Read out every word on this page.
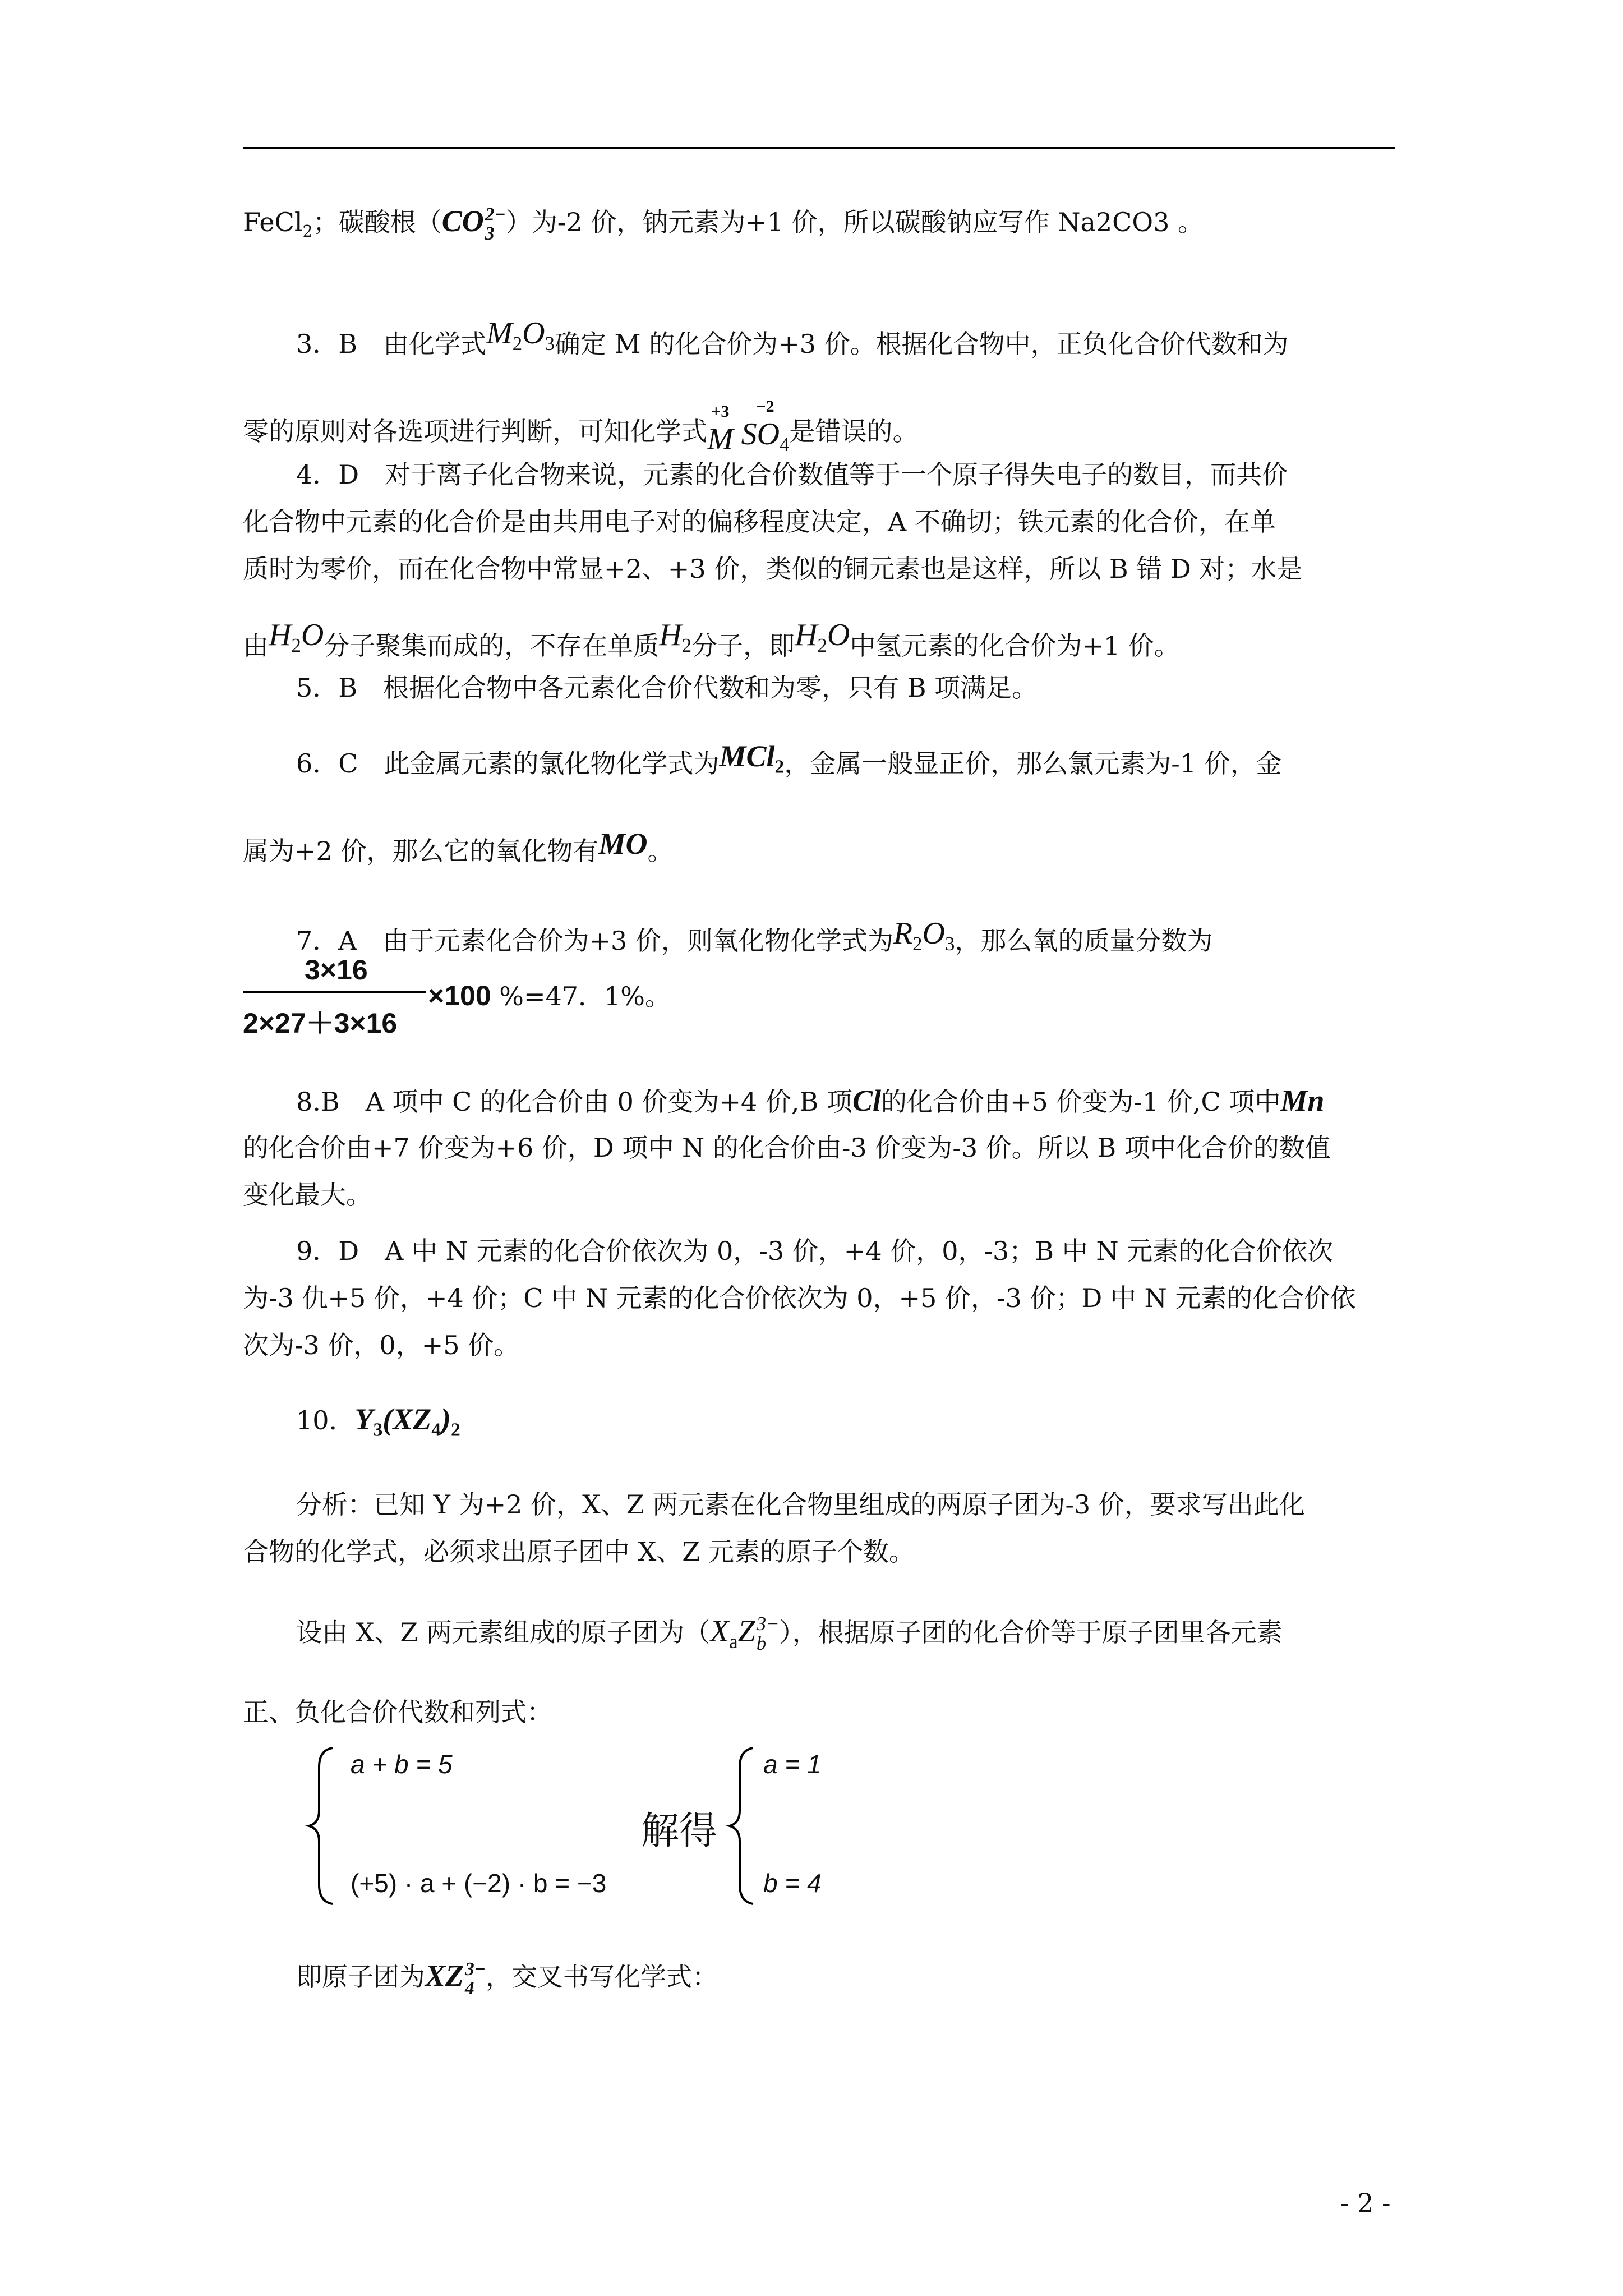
FeCl$_2$；碳酸根（CO 2−
3 ）为-2 价，钠元素为+1 价，所以碳酸钠应写作 Na2CO3 。
3．B　由化学式$M_2O_3$确定 M 的化合价为+3 价。根据化合物中，正负化合价代数和为
零的原则对各选项进行判断，可知化学式
+3
M
−2
$SO_4$ 是错误的。
4．D　对于离子化合物来说，元素的化合价数值等于一个原子得失电子的数目，而共价
化合物中元素的化合价是由共用电子对的偏移程度决定，A 不确切；铁元素的化合价，在单
质时为零价，而在化合物中常显+2、+3 价，类似的铜元素也是这样，所以 B 错 D 对；水是
由$H_2O$分子聚集而成的，不存在单质$H_2$分子，即$H_2O$中氢元素的化合价为+1 价。
5．B　根据化合物中各元素化合价代数和为零，只有 B 项满足。
6．C　此金属元素的氯化物化学式为MCl$_2$，金属一般显正价，那么氯元素为-1 价，金
属为+2 价，那么它的氧化物有MO。
7．A　由于元素化合价为+3 价，则氧化物化学式为$R_2O_3$，那么氧的质量分数为
3×16
2×27＋3×16
×100 %=47．1%。
8.B　A 项中 C 的化合价由 0 价变为+4 价,B 项Cl的化合价由+5 价变为-1 价,C 项中Mn
的化合价由+7 价变为+6 价，D 项中 N 的化合价由-3 价变为-3 价。所以 B 项中化合价的数值
变化最大。
9．D　A 中 N 元素的化合价依次为 0，-3 价，+4 价，0，-3；B 中 N 元素的化合价依次
为-3 仇+5 价，+4 价；C 中 N 元素的化合价依次为 0，+5 价，-3 价；D 中 N 元素的化合价依
次为-3 价，0，+5 价。
10．$Y_3(XZ_4)_2$
分析：已知 Y 为+2 价，X、Z 两元素在化合物里组成的两原子团为-3 价，要求写出此化
合物的化学式，必须求出原子团中 X、Z 元素的原子个数。
设由 X、Z 两元素组成的原子团为（$X_aZ$ 3−
b ），根据原子团的化合价等于原子团里各元素
正、负化合价代数和列式：
a + b = 5
(+5) · a + (−2) · b = −3
解得
a = 1
b = 4
即原子团为XZ 3−
4 ，交叉书写化学式：
- 2 -
